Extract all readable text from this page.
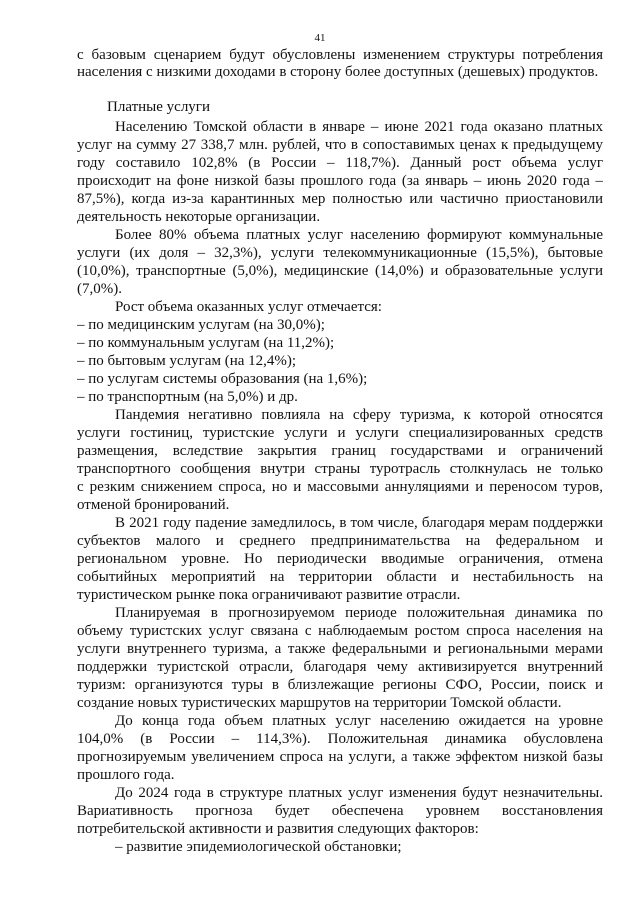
41
с базовым сценарием будут обусловлены изменением структуры потребления
населения с низкими доходами в сторону более доступных (дешевых) продуктов.
Платные услуги
Населению Томской области в январе – июне 2021 года оказано платных
услуг на сумму 27 338,7 млн. рублей, что в сопоставимых ценах к предыдущему
году составило 102,8% (в России – 118,7%). Данный рост объема услуг
происходит на фоне низкой базы прошлого года (за январь – июнь 2020 года –
87,5%), когда из-за карантинных мер полностью или частично приостановили
деятельность некоторые организации.
Более 80% объема платных услуг населению формируют коммунальные
услуги (их доля – 32,3%), услуги телекоммуникационные (15,5%), бытовые
(10,0%), транспортные (5,0%), медицинские (14,0%) и образовательные услуги
(7,0%).
Рост объема оказанных услуг отмечается:
– по медицинским услугам (на 30,0%);
– по коммунальным услугам (на 11,2%);
– по бытовым услугам (на 12,4%);
– по услугам системы образования (на 1,6%);
– по транспортным (на 5,0%) и др.
Пандемия негативно повлияла на сферу туризма, к которой относятся
услуги гостиниц, туристские услуги и услуги специализированных средств
размещения, вследствие закрытия границ государствами и ограничений
транспортного сообщения внутри страны туротрасль столкнулась не только
с резким снижением спроса, но и массовыми аннуляциями и переносом туров,
отменой бронирований.
В 2021 году падение замедлилось, в том числе, благодаря мерам поддержки
субъектов малого и среднего предпринимательства на федеральном и
региональном уровне. Но периодически вводимые ограничения, отмена
событийных мероприятий на территории области и нестабильность на
туристическом рынке пока ограничивают развитие отрасли.
Планируемая в прогнозируемом периоде положительная динамика по
объему туристских услуг связана с наблюдаемым ростом спроса населения на
услуги внутреннего туризма, а также федеральными и региональными мерами
поддержки туристской отрасли, благодаря чему активизируется внутренний
туризм: организуются туры в близлежащие регионы СФО, России, поиск и
создание новых туристических маршрутов на территории Томской области.
До конца года объем платных услуг населению ожидается на уровне
104,0% (в России – 114,3%). Положительная динамика обусловлена
прогнозируемым увеличением спроса на услуги, а также эффектом низкой базы
прошлого года.
До 2024 года в структуре платных услуг изменения будут незначительны.
Вариативность прогноза будет обеспечена уровнем восстановления
потребительской активности и развития следующих факторов:
– развитие эпидемиологической обстановки;
